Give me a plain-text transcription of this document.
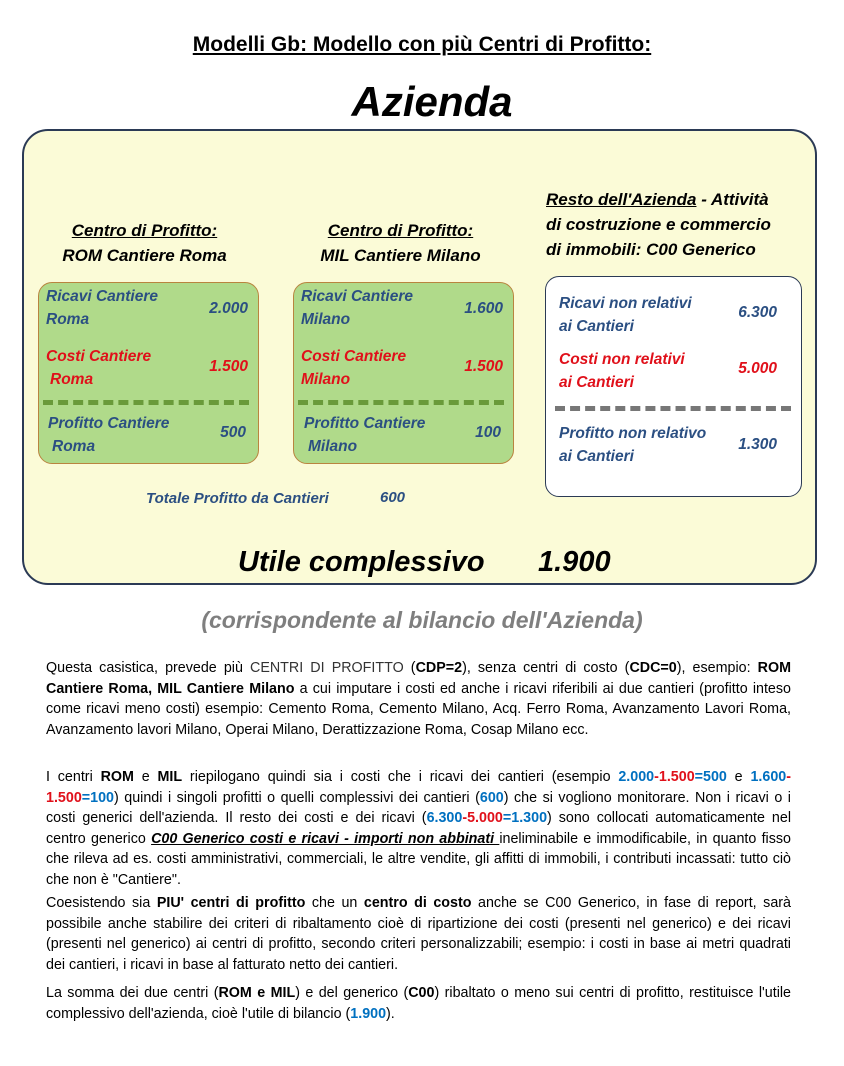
Modelli Gb: Modello con più Centri di Profitto:
Azienda
Centro di Profitto:
ROM Cantiere Roma
Centro di Profitto:
MIL Cantiere Milano
Resto dell'Azienda - Attività
di costruzione e commercio
di immobili: C00 Generico
Ricavi Cantiere
Roma
2.000
Costi Cantiere
Roma
1.500
Profitto Cantiere
Roma
500
Ricavi Cantiere
Milano
1.600
Costi Cantiere
Milano
1.500
Profitto Cantiere
Milano
100
Ricavi non relativi
ai Cantieri
6.300
Costi non relativi
ai Cantieri
5.000
Profitto non relativo
ai Cantieri
1.300
Totale Profitto da Cantieri	600
Utile complessivo 1.900
(corrispondente al bilancio dell'Azienda)
Questa casistica, prevede più CENTRI DI PROFITTO (CDP=2), senza centri di costo (CDC=0), esempio: ROM Cantiere Roma, MIL Cantiere Milano a cui imputare i costi ed anche i ricavi riferibili ai due cantieri (profitto inteso come ricavi meno costi) esempio: Cemento Roma, Cemento Milano, Acq. Ferro Roma, Avanzamento Lavori Roma, Avanzamento lavori Milano, Operai Milano, Derattizzazione Roma, Cosap Milano ecc.
I centri ROM e MIL riepilogano quindi sia i costi che i ricavi dei cantieri (esempio 2.000-1.500=500 e 1.600-1.500=100) quindi i singoli profitti o quelli complessivi dei cantieri (600) che si vogliono monitorare. Non i ricavi o i costi generici dell'azienda. Il resto dei costi e dei ricavi (6.300-5.000=1.300) sono collocati automaticamente nel centro generico C00 Generico costi e ricavi - importi non abbinati ineliminabile e immodificabile, in quanto fisso che rileva ad es. costi amministrativi, commerciali, le altre vendite, gli affitti di immobili, i contributi incassati: tutto ciò che non è "Cantiere".
Coesistendo sia PIU' centri di profitto che un centro di costo anche se C00 Generico, in fase di report, sarà possibile anche stabilire dei criteri di ribaltamento cioè di ripartizione dei costi (presenti nel generico) e dei ricavi (presenti nel generico) ai centri di profitto, secondo criteri personalizzabili; esempio: i costi in base ai metri quadrati dei cantieri, i ricavi in base al fatturato netto dei cantieri.
La somma dei due centri (ROM e MIL) e del generico (C00) ribaltato o meno sui centri di profitto, restituisce l'utile complessivo dell'azienda, cioè l'utile di bilancio (1.900).
